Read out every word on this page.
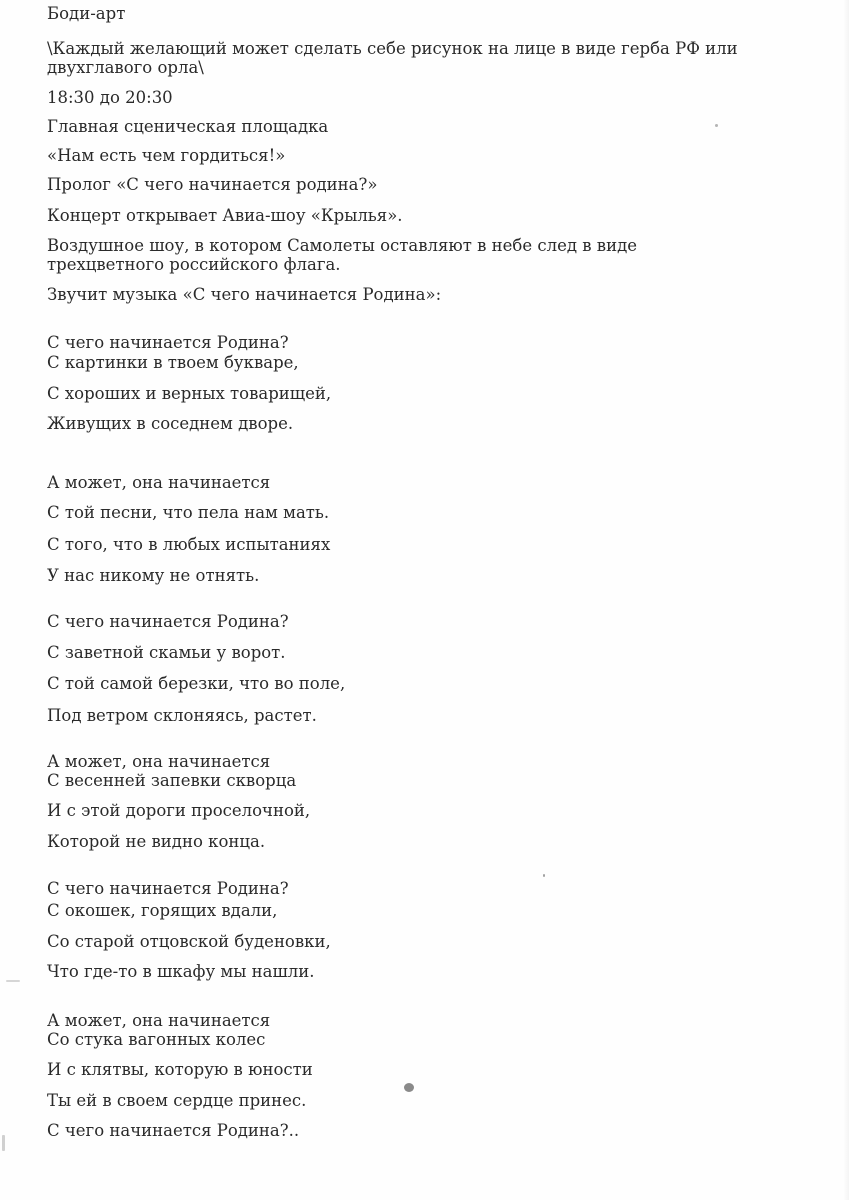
Боди-арт

\Каждый желающий может сделать себе рисунок на лице в виде герба РФ или двухглавого орла\

18:30 до 20:30

Главная сценическая площадка

«Нам есть чем гордиться!»

Пролог «С чего начинается родина?»

Концерт открывает Авиа-шоу «Крылья».

Воздушное шоу, в котором Самолеты оставляют в небе след в виде трехцветного российского флага.

Звучит музыка «С чего начинается Родина»:

С чего начинается Родина?

С картинки в твоем букваре,

С хороших и верных товарищей,

Живущих в соседнем дворе.

А может, она начинается

С той песни, что пела нам мать.

С того, что в любых испытаниях

У нас никому не отнять.

С чего начинается Родина?

С заветной скамьи у ворот.

С той самой березки, что во поле,

Под ветром склоняясь, растет.

А может, она начинается

С весенней запевки скворца

И с этой дороги проселочной,

Которой не видно конца.

С чего начинается Родина?

С окошек, горящих вдали,

Со старой отцовской буденовки,

Что где-то в шкафу мы нашли.

А может, она начинается

Со стука вагонных колес

И с клятвы, которую в юности

Ты ей в своем сердце принес.

С чего начинается Родина?..
